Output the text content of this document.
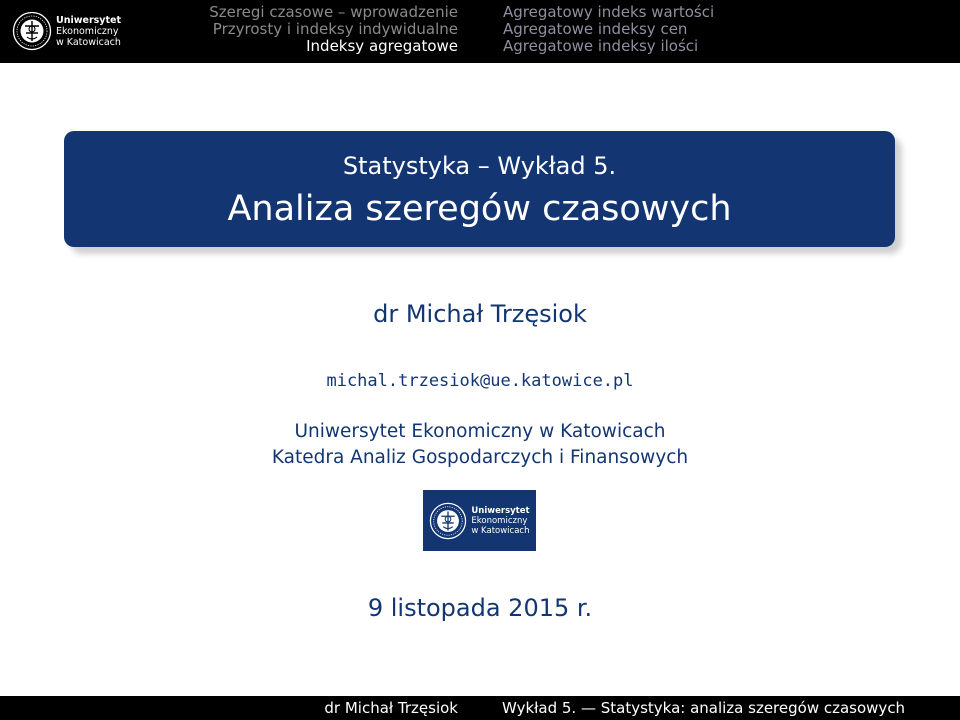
Uniwersytet
Ekonomiczny
w Katowicach
Szeregi czasowe – wprowadzenie
Przyrosty i indeksy indywidualne
Indeksy agregatowe
Agregatowy indeks wartości
Agregatowe indeksy cen
Agregatowe indeksy ilości
Statystyka – Wykład 5.
Analiza szeregów czasowych
dr Michał Trzęsiok
michal.trzesiok@ue.katowice.pl
Uniwersytet Ekonomiczny w Katowicach
Katedra Analiz Gospodarczych i Finansowych
Uniwersytet
Ekonomiczny
w Katowicach
9 listopada 2015 r.
dr Michał Trzęsiok	Wykład 5. — Statystyka: analiza szeregów czasowych
